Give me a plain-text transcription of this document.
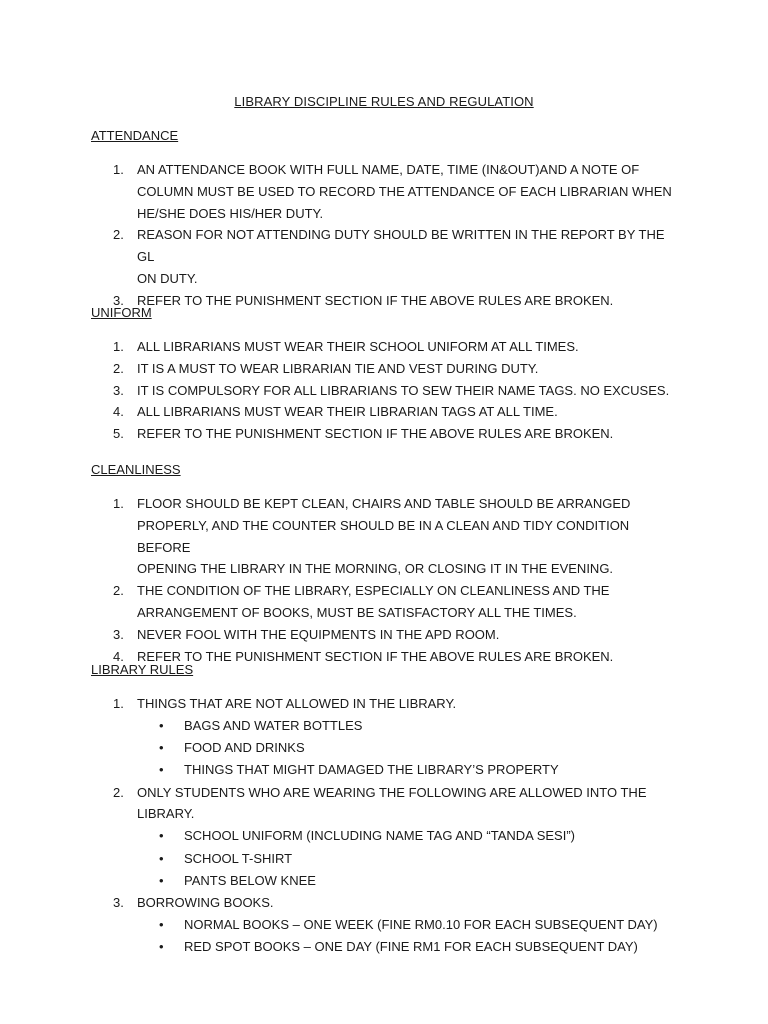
LIBRARY DISCIPLINE RULES AND REGULATION
ATTENDANCE
1.	AN ATTENDANCE BOOK WITH FULL NAME, DATE, TIME (IN&OUT)AND A NOTE OF
COLUMN MUST BE USED TO RECORD THE ATTENDANCE OF EACH LIBRARIAN WHEN
HE/SHE DOES HIS/HER DUTY.
2.	REASON FOR NOT ATTENDING DUTY SHOULD BE WRITTEN IN THE REPORT BY THE GL
ON DUTY.
3.	REFER TO THE PUNISHMENT SECTION IF THE ABOVE RULES ARE BROKEN.
UNIFORM
1.	ALL LIBRARIANS MUST WEAR THEIR SCHOOL UNIFORM AT ALL TIMES.
2.	IT IS A MUST TO WEAR LIBRARIAN TIE AND VEST DURING DUTY.
3.	IT IS COMPULSORY FOR ALL LIBRARIANS TO SEW THEIR NAME TAGS. NO EXCUSES.
4.	ALL LIBRARIANS MUST WEAR THEIR LIBRARIAN TAGS AT ALL TIME.
5.	REFER TO THE PUNISHMENT SECTION IF THE ABOVE RULES ARE BROKEN.
CLEANLINESS
1.	FLOOR SHOULD BE KEPT CLEAN, CHAIRS AND TABLE SHOULD BE ARRANGED
PROPERLY, AND THE COUNTER SHOULD BE IN A CLEAN AND TIDY CONDITION BEFORE
OPENING THE LIBRARY IN THE MORNING, OR CLOSING IT IN THE EVENING.
2.	THE CONDITION OF THE LIBRARY, ESPECIALLY ON CLEANLINESS AND THE
ARRANGEMENT OF BOOKS, MUST BE SATISFACTORY ALL THE TIMES.
3.	NEVER FOOL WITH THE EQUIPMENTS IN THE APD ROOM.
4.	REFER TO THE PUNISHMENT SECTION IF THE ABOVE RULES ARE BROKEN.
LIBRARY RULES
1.	THINGS THAT ARE NOT ALLOWED IN THE LIBRARY.
• BAGS AND WATER BOTTLES
• FOOD AND DRINKS
• THINGS THAT MIGHT DAMAGED THE LIBRARY’S PROPERTY
2.	ONLY STUDENTS WHO ARE WEARING THE FOLLOWING ARE ALLOWED INTO THE
LIBRARY.
• SCHOOL UNIFORM (INCLUDING NAME TAG AND “TANDA SESI”)
• SCHOOL T-SHIRT
• PANTS BELOW KNEE
3.	BORROWING BOOKS.
• NORMAL BOOKS – ONE WEEK (FINE RM0.10 FOR EACH SUBSEQUENT DAY)
• RED SPOT BOOKS – ONE DAY (FINE RM1 FOR EACH SUBSEQUENT DAY)
